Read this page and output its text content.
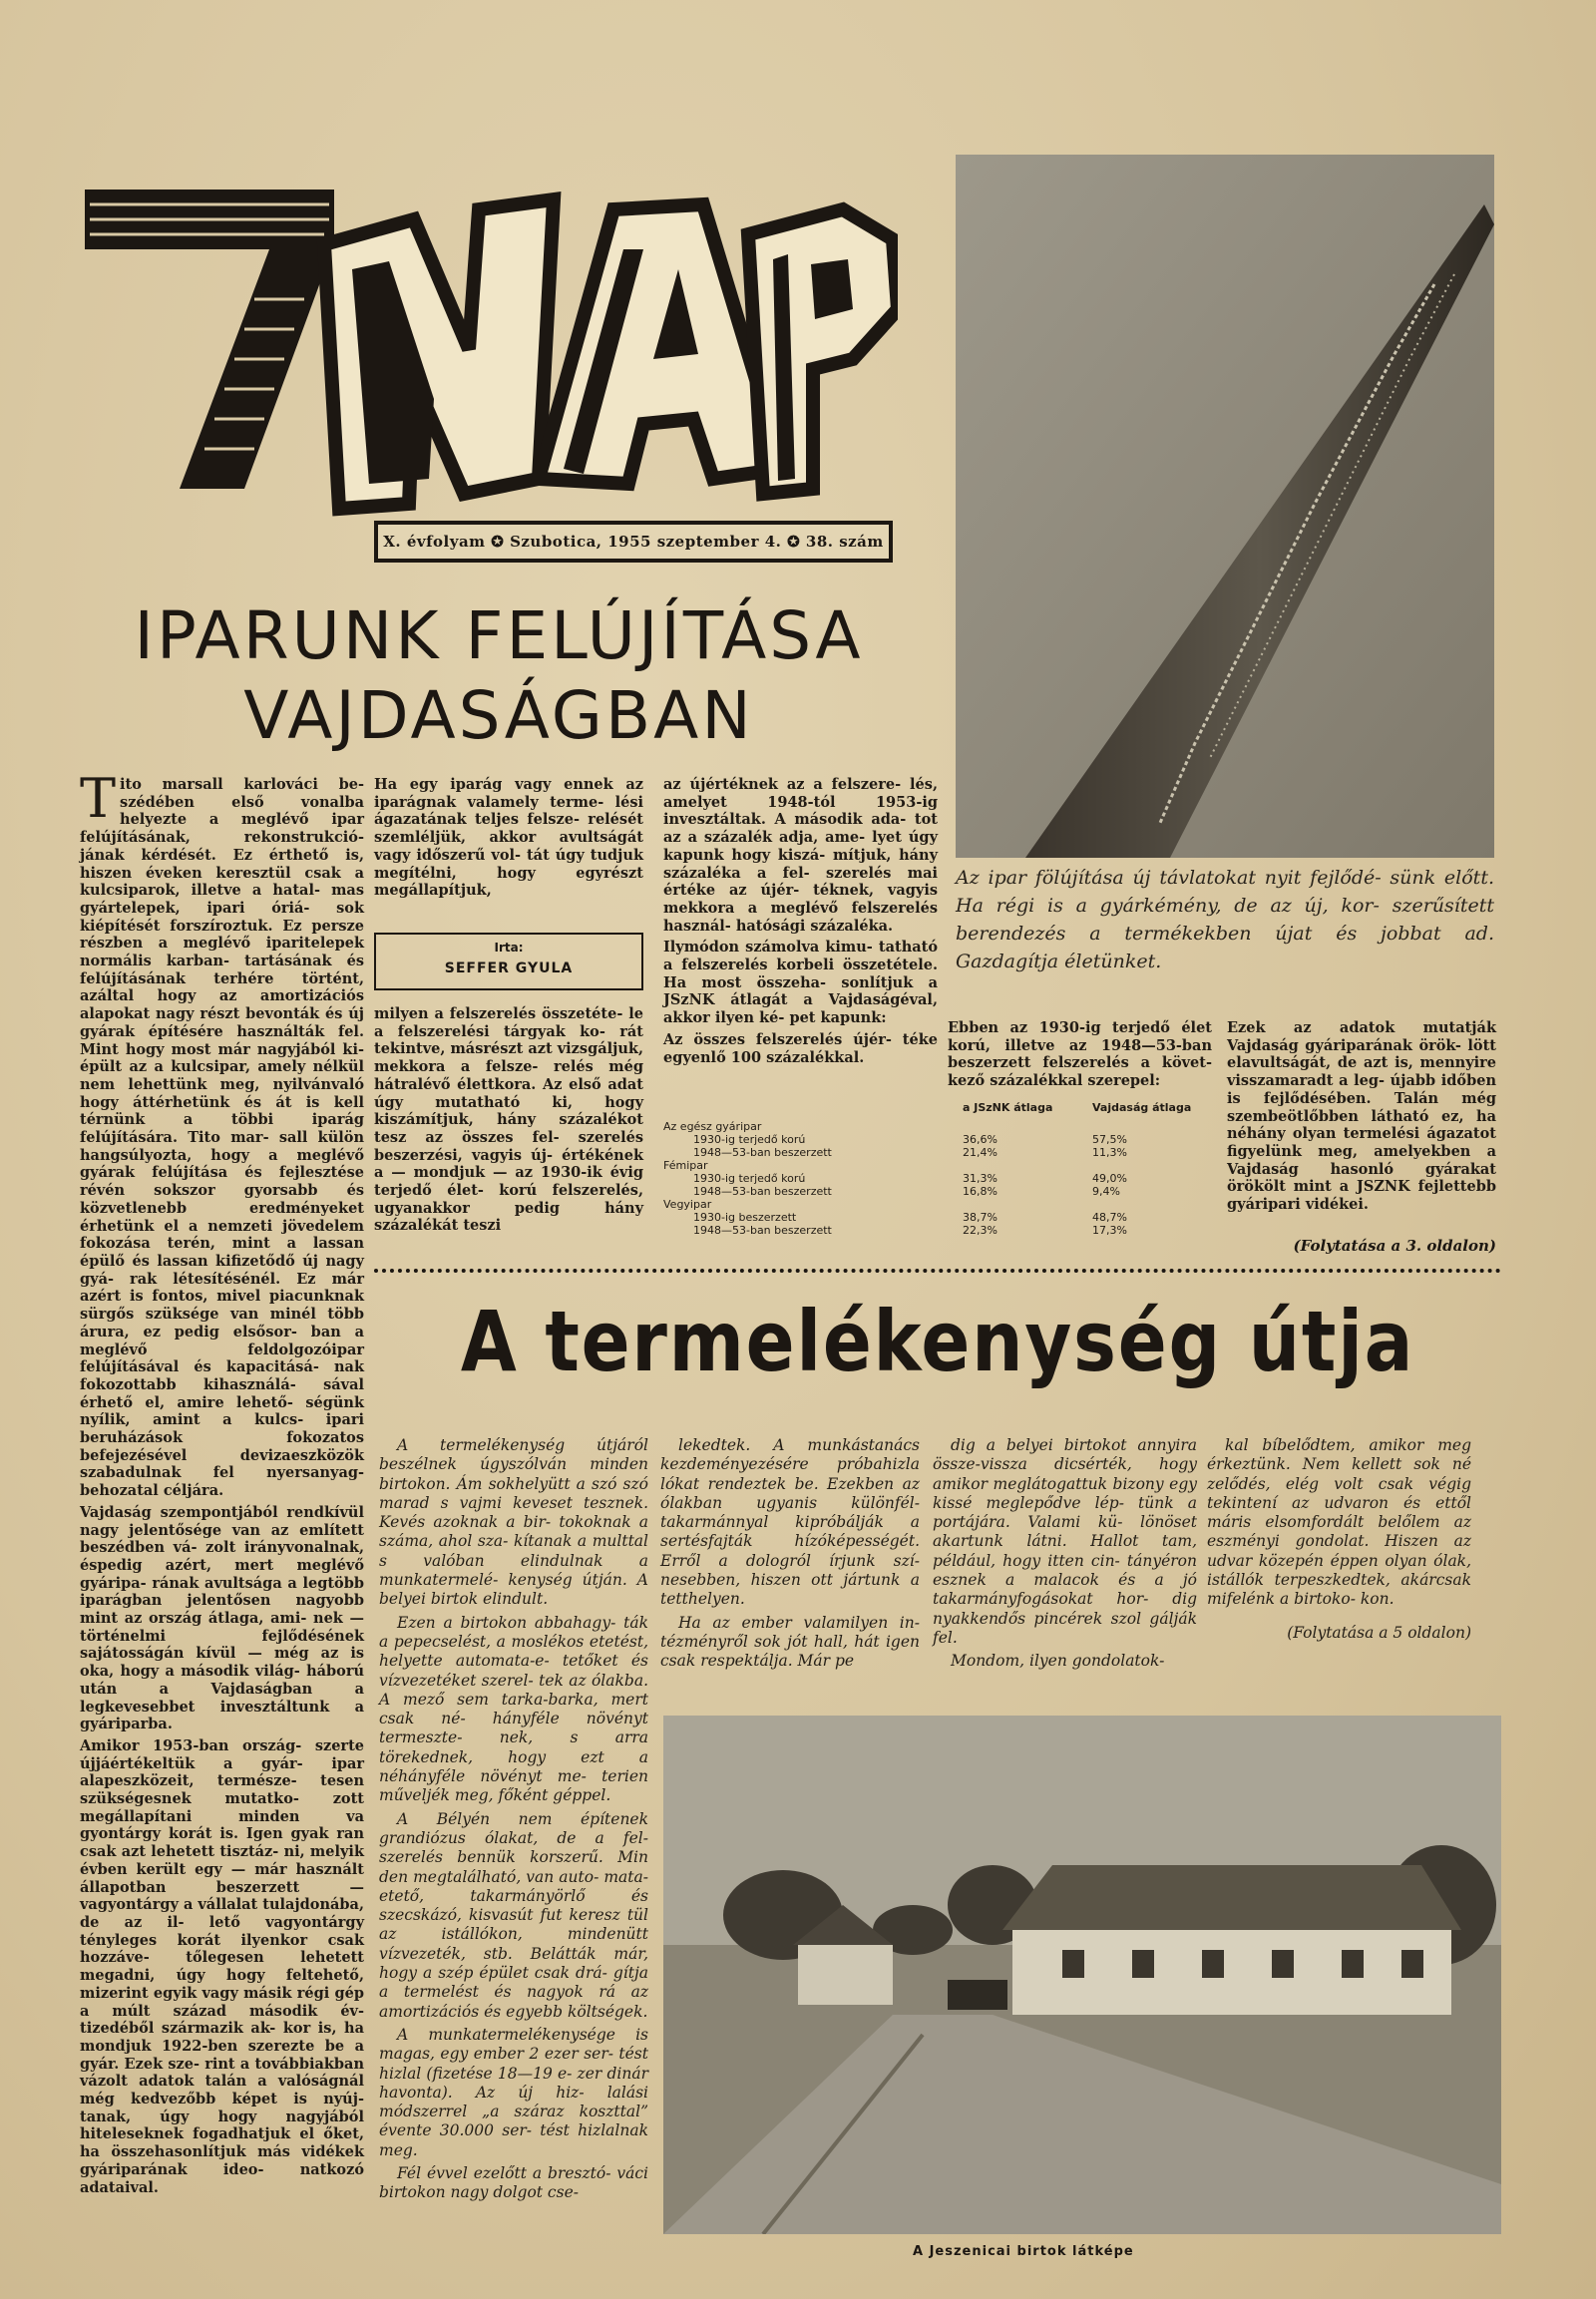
X. évfolyam ✪ Szubotica, 1955 szeptember 4. ✪ 38. szám
IPARUNK FELÚJÍTÁSA
VAJDASÁGBAN
Az ipar fölújítása új távlatokat nyit fejlődé- sünk előtt. Ha régi is a gyárkémény, de az új, kor- szerűsített berendezés a termékekben újat és jobbat ad. Gazdagítja életünket.

Tito marsall karlováci be- szédében első vonalba helyezte a meglévő ipar felújításának, rekonstrukció- jának kérdését. Ez érthető is, hiszen éveken keresztül csak a kulcsiparok, illetve a hatal- mas gyártelepek, ipari óriá- sok kiépítését forszíroztuk. Ez persze részben a meglévő iparitelepek normális karban- tartásának és felújításának terhére történt, azáltal hogy az amortizációs alapokat nagy részt bevonták és új gyárak építésére használták fel. Mint hogy most már nagyjából ki- épült az a kulcsipar, amely nélkül nem lehettünk meg, nyilvánvaló hogy áttérhetünk és át is kell térnünk a többi iparág felújítására. Tito mar- sall külön hangsúlyozta, hogy a meglévő gyárak felújítása és fejlesztése révén sokszor gyorsabb és közvetlenebb eredményeket érhetünk el a nemzeti jövedelem fokozása terén, mint a lassan épülő és lassan kifizetődő új nagy gyá- rak létesítésénél. Ez már azért is fontos, mivel piacunknak sürgős szüksége van minél több árura, ez pedig elsősor- ban a meglévő feldolgozóipar felújításával és kapacitásá- nak fokozottabb kihasználá- sával érhető el, amire lehető- ségünk nyílik, amint a kulcs- ipari beruházások fokozatos befejezésével devizaeszközök szabadulnak fel nyersanyag- behozatal céljára.

Vajdaság szempontjából rendkívül nagy jelentősége van az említett beszédben vá- zolt irányvonalnak, éspedig azért, mert meglévő gyáripa- rának avultsága a legtöbb iparágban jelentősen nagyobb mint az ország átlaga, ami- nek — történelmi fejlődésének sajátosságán kívül — még az is oka, hogy a második világ- háború után a Vajdaságban a legkevesebbet invesztáltunk a gyáriparba.

Amikor 1953-ban ország- szerte újjáértékeltük a gyár- ipar alapeszközeit, természe- tesen szükségesnek mutatko- zott megállapítani minden va gyontárgy korát is. Igen gyak ran csak azt lehetett tisztáz- ni, melyik évben került egy — már használt állapotban beszerzett — vagyontárgy a vállalat tulajdonába, de az il- lető vagyontárgy tényleges korát ilyenkor csak hozzáve- tőlegesen lehetett megadni, úgy hogy feltehető, mizerint egyik vagy másik régi gép a múlt század második év- tizedéből származik ak- kor is, ha mondjuk 1922-ben szerezte be a gyár. Ezek sze- rint a továbbiakban vázolt adatok talán a valóságnál még kedvezőbb képet is nyúj- tanak, úgy hogy nagyjából hiteleseknek fogadhatjuk el őket, ha összehasonlítjuk más vidékek gyáriparának ideo- natkozó adataival.

Ha egy iparág vagy ennek az iparágnak valamely terme- lési ágazatának teljes felsze- relését szemléljük, akkor avultságát vagy időszerű vol- tát úgy tudjuk megítélni, hogy egyrészt megállapítjuk,
Irta:
SEFFER GYULA
milyen a felszerelés összetéte- le a felszerelési tárgyak ko- rát tekintve, másrészt azt vizsgáljuk, mekkora a felsze- relés még hátralévő élettkora. Az első adat úgy mutatható ki, hogy kiszámítjuk, hány százalékot tesz az összes fel- szerelés beszerzési, vagyis új- értékének a — mondjuk — az 1930-ik évig terjedő élet- korú felszerelés, ugyanakkor pedig hány százalékát teszi

az újértéknek az a felszere- lés, amelyet 1948-tól 1953-ig invesztáltak. A második ada- tot az a százalék adja, ame- lyet úgy kapunk hogy kiszá- mítjuk, hány százaléka a fel- szerelés mai értéke az újér- téknek, vagyis mekkora a meglévő felszerelés használ- hatósági százaléka.

Ilymódon számolva kimu- tatható a felszerelés korbeli összetétele. Ha most összeha- sonlítjuk a JSzNK átlagát a Vajdaságéval, akkor ilyen ké- pet kapunk:

Az összes felszerelés újér- téke egyenlő 100 százalékkal.

Ebben az 1930-ig terjedő élet korú, illetve az 1948—53-ban beszerzett felszerelés a követ- kező százalékkal szerepel:
Ezek az adatok mutatják Vajdaság gyáriparának örök- lött elavultságát, de azt is, mennyire visszamaradt a leg- újabb időben is fejlődésében. Talán még szembeötlőbben látható ez, ha néhány olyan termelési ágazatot figyelünk meg, amelyekben a Vajdaság hasonló gyárakat örökölt mint a JSZNK fejlettebb gyáripari vidékei.
a JSzNK átlaga	Vajdaság átlaga
Az egész gyáripar
1930-ig terjedő korú	36,6%	57,5%
1948—53-ban beszerzett	21,4%	11,3%
Fémipar
1930-ig terjedő korú	31,3%	49,0%
1948—53-ban beszerzett	16,8%	9,4%
Vegyipar
1930-ig beszerzett	38,7%	48,7%
1948—53-ban beszerzett	22,3%	17,3%
(Folytatása a 3. oldalon)
A termelékenység útja

A termelékenység útjáról beszélnek úgyszólván minden birtokon. Ám sokhelyütt a szó szó marad s vajmi keveset tesznek. Kevés azoknak a bir- tokoknak a száma, ahol sza- kítanak a multtal s valóban elindulnak a munkatermelé- kenység útján. A belyei birtok elindult.

Ezen a birtokon abbahagy- ták a pepecselést, a moslékos etetést, helyette automata-e- tetőket és vízvezetéket szerel- tek az ólakba. A mező sem tarka-barka, mert csak né- hányféle növényt termeszte- nek, s arra törekednek, hogy ezt a néhányféle növényt me- terien műveljék meg, főként géppel.

A Bélyén nem építenek grandiózus ólakat, de a fel- szerelés bennük korszerű. Min den megtalálható, van auto- mata-etető, takarmányörlő és szecskázó, kisvasút fut keresz tül az istállókon, mindenütt vízvezeték, stb. Belátták már, hogy a szép épület csak drá- gítja a termelést és nagyok rá az amortizációs és egyebb költségek.

A munkatermelékenysége is magas, egy ember 2 ezer ser- tést hizlal (fizetése 18—19 e- zer dinár havonta). Az új hiz- lalási módszerrel „a száraz koszttal” évente 30.000 ser- tést hizlalnak meg.

Fél évvel ezelőtt a bresztó- váci birtokon nagy dolgot cse-

lekedtek. A munkástanács kezdeményezésére próbahizla lókat rendeztek be. Ezekben az ólakban ugyanis különfél- takarmánnyal kipróbálják a sertésfajták hízóképességét. Erről a dologról írjunk szí- nesebben, hiszen ott jártunk a tetthelyen.

Ha az ember valamilyen in- tézményről sok jót hall, hát igen csak respektálja. Már pe

dig a belyei birtokot annyira össze-vissza dicsérték, hogy amikor meglátogattuk bizony egy kissé meglepődve lép- tünk a portájára. Valami kü- lönöset akartunk látni. Hallot tam, például, hogy itten cin- tányéron esznek a malacok és a jó takarmányfogásokat hor- dig nyakkendős pincérek szol gálják fel.

Mondom, ilyen gondolatok-

kal bíbelődtem, amikor meg érkeztünk. Nem kellett sok né zelődés, elég volt csak végig tekintení az udvaron és ettől máris elsomfordált belőlem az eszményi gondolat. Hiszen az udvar közepén éppen olyan ólak, istállók terpeszkedtek, akárcsak mifelénk a birtoko- kon.

(Folytatása a 5 oldalon)

A Jeszenicai birtok látképe
